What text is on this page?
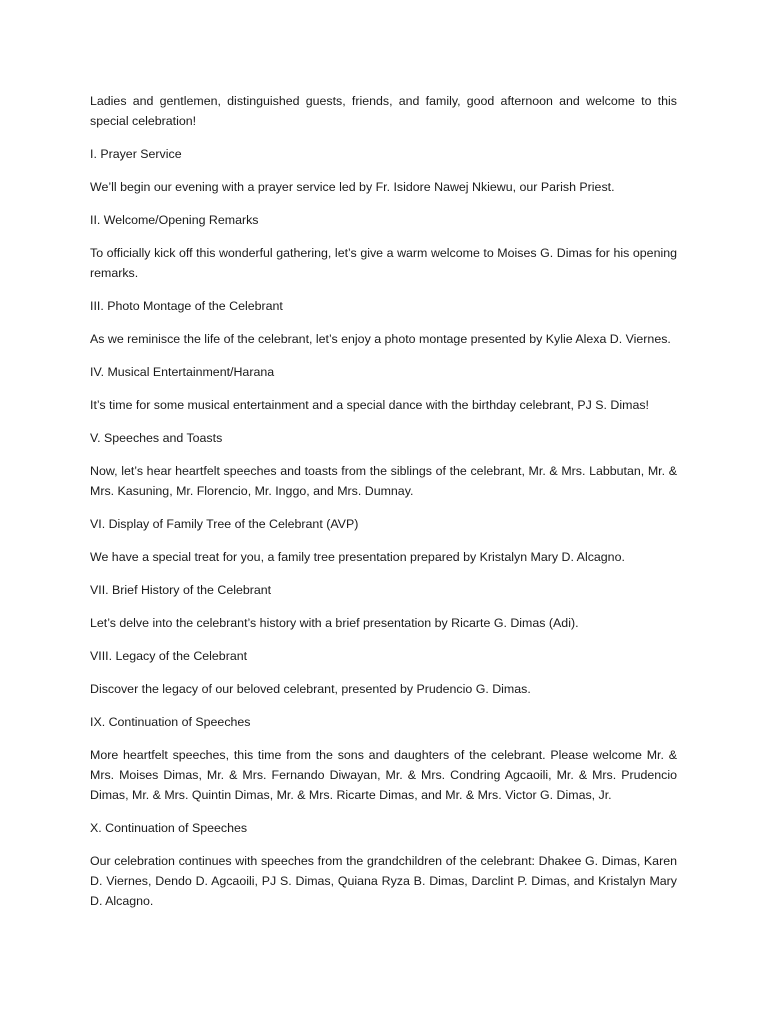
Ladies and gentlemen, distinguished guests, friends, and family, good afternoon and welcome to this special celebration!

I. Prayer Service

We’ll begin our evening with a prayer service led by Fr. Isidore Nawej Nkiewu, our Parish Priest.

II. Welcome/Opening Remarks

To officially kick off this wonderful gathering, let’s give a warm welcome to Moises G. Dimas for his opening remarks.

III. Photo Montage of the Celebrant

As we reminisce the life of the celebrant, let’s enjoy a photo montage presented by Kylie Alexa D. Viernes.

IV. Musical Entertainment/Harana

It’s time for some musical entertainment and a special dance with the birthday celebrant, PJ S. Dimas!

V. Speeches and Toasts

Now, let’s hear heartfelt speeches and toasts from the siblings of the celebrant, Mr. & Mrs. Labbutan, Mr. & Mrs. Kasuning, Mr. Florencio, Mr. Inggo, and Mrs. Dumnay.

VI. Display of Family Tree of the Celebrant (AVP)

We have a special treat for you, a family tree presentation prepared by Kristalyn Mary D. Alcagno.

VII. Brief History of the Celebrant

Let’s delve into the celebrant’s history with a brief presentation by Ricarte G. Dimas (Adi).

VIII. Legacy of the Celebrant

Discover the legacy of our beloved celebrant, presented by Prudencio G. Dimas.

IX. Continuation of Speeches

More heartfelt speeches, this time from the sons and daughters of the celebrant. Please welcome Mr. & Mrs. Moises Dimas, Mr. & Mrs. Fernando Diwayan, Mr. & Mrs. Condring Agcaoili, Mr. & Mrs. Prudencio Dimas, Mr. & Mrs. Quintin Dimas, Mr. & Mrs. Ricarte Dimas, and Mr. & Mrs. Victor G. Dimas, Jr.

X. Continuation of Speeches

Our celebration continues with speeches from the grandchildren of the celebrant: Dhakee G. Dimas, Karen D. Viernes, Dendo D. Agcaoili, PJ S. Dimas, Quiana Ryza B. Dimas, Darclint P. Dimas, and Kristalyn Mary D. Alcagno.
